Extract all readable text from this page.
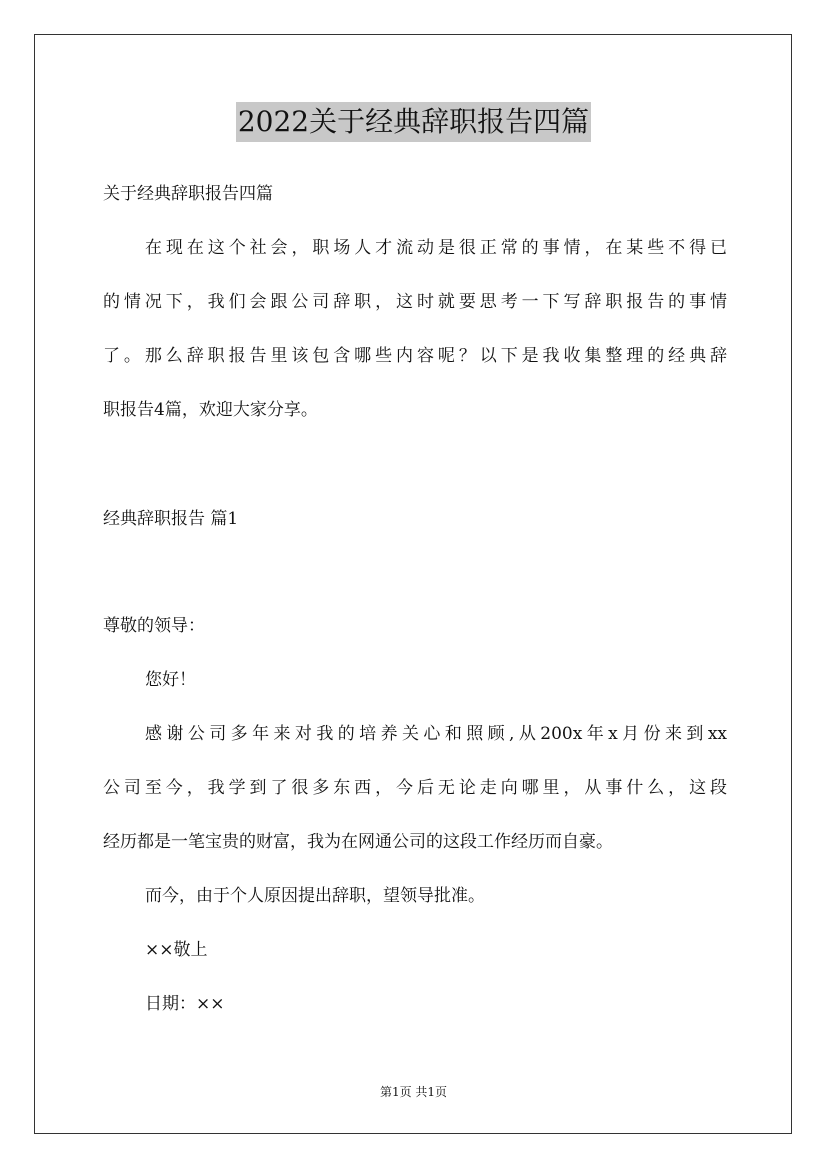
2022关于经典辞职报告四篇
关于经典辞职报告四篇
在现在这个社会，职场人才流动是很正常的事情，在某些不得已
的情况下，我们会跟公司辞职，这时就要思考一下写辞职报告的事情
了。那么辞职报告里该包含哪些内容呢？以下是我收集整理的经典辞
职报告4篇，欢迎大家分享。
经典辞职报告 篇1
尊敬的领导：
您好！
感谢公司多年来对我的培养关心和照顾,从200x年x月份来到xx
公司至今，我学到了很多东西，今后无论走向哪里，从事什么，这段
经历都是一笔宝贵的财富，我为在网通公司的这段工作经历而自豪。
而今，由于个人原因提出辞职，望领导批准。
××敬上
日期：××
第1页 共1页
